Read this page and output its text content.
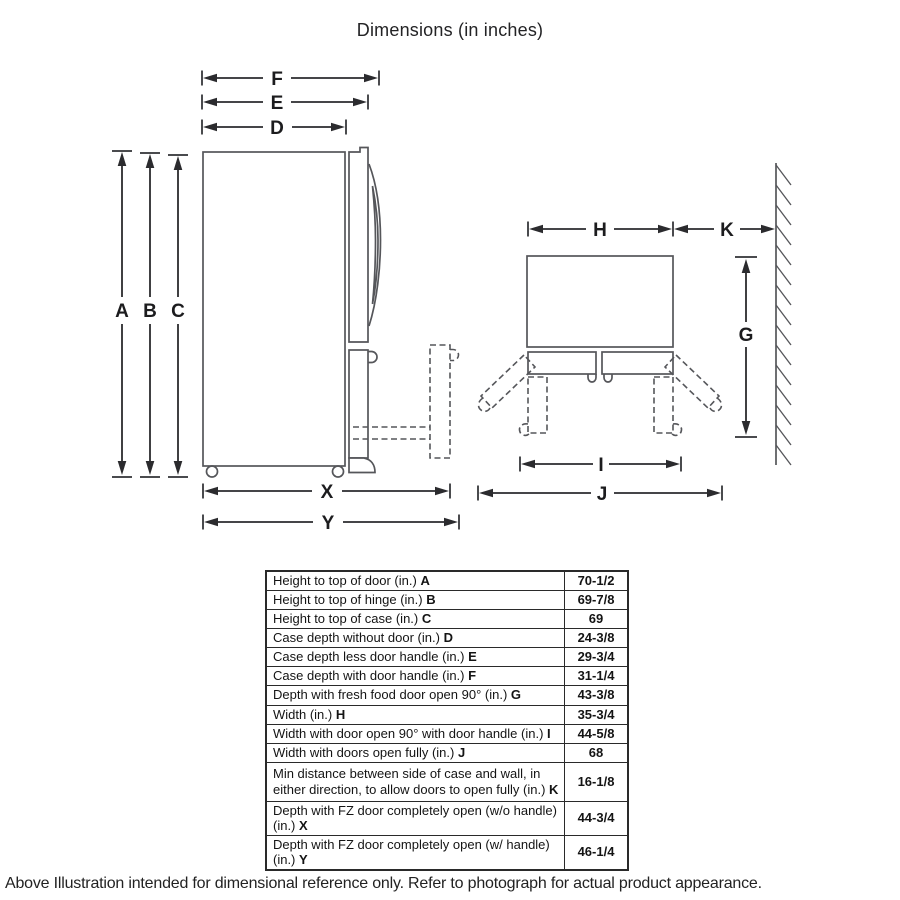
Dimensions (in inches)
F
E
D
A B C
X
Y
H	K
G
I
J
Height to top of door (in.) A	70-1/2
Height to top of hinge (in.) B	69-7/8
Height to top of case (in.) C	69
Case depth without door (in.) D	24-3/8
Case depth less door handle (in.) E	29-3/4
Case depth with door handle (in.) F	31-1/4
Depth with fresh food door open 90° (in.) G	43-3/8
Width (in.) H	35-3/4
Width with door open 90° with door handle (in.) I	44-5/8
Width with doors open fully (in.) J	68
Min distance between side of case and wall, in either direction, to allow doors to open fully (in.) K	16-1/8
Depth with FZ door completely open (w/o handle) (in.) X	44-3/4
Depth with FZ door completely open (w/ handle) (in.) Y	46-1/4
Above Illustration intended for dimensional reference only. Refer to photograph for actual product appearance.
